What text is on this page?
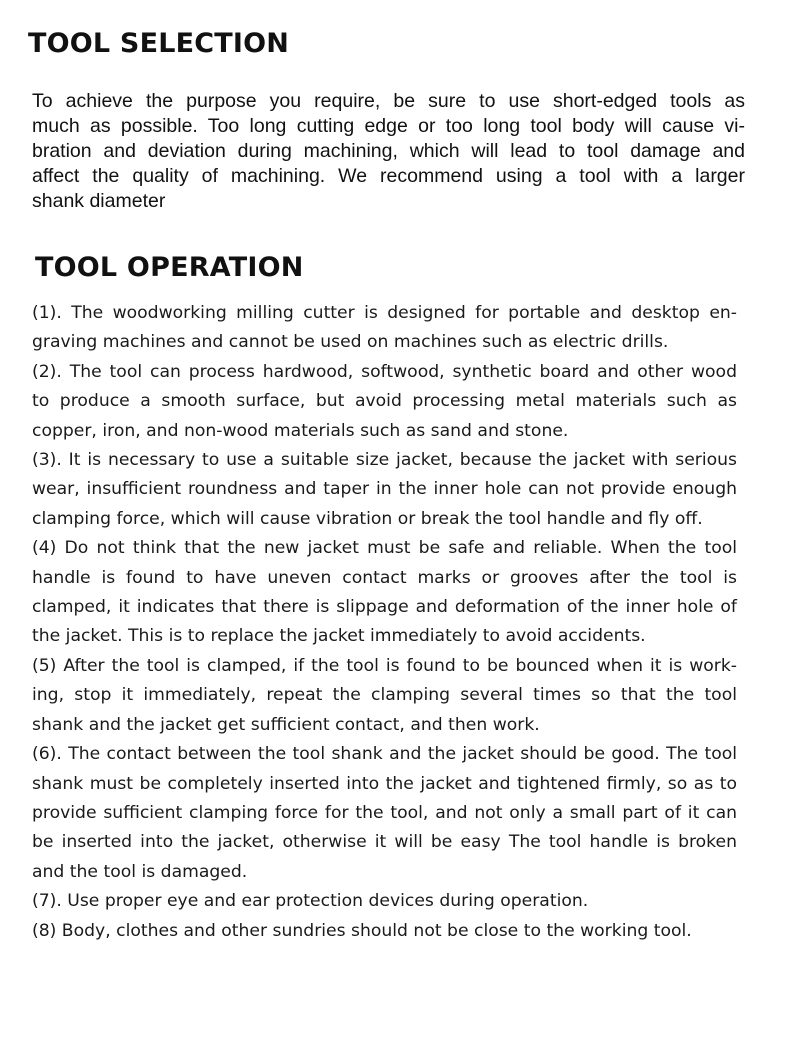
TOOL SELECTION

To achieve the purpose you require, be sure to use short-edged tools as
much as possible. Too long cutting edge or too long tool body will cause vi-
bration and deviation during machining, which will lead to tool damage and
affect the quality of machining. We recommend using a tool with a larger
shank diameter

TOOL OPERATION
(1). The woodworking milling cutter is designed for portable and desktop en-
graving machines and cannot be used on machines such as electric drills.
(2). The tool can process hardwood, softwood, synthetic board and other wood
to produce a smooth surface, but avoid processing metal materials such as
copper, iron, and non-wood materials such as sand and stone.
(3). It is necessary to use a suitable size jacket, because the jacket with serious
wear, insufficient roundness and taper in the inner hole can not provide enough
clamping force, which will cause vibration or break the tool handle and fly off.
(4) Do not think that the new jacket must be safe and reliable. When the tool
handle is found to have uneven contact marks or grooves after the tool is
clamped, it indicates that there is slippage and deformation of the inner hole of
the jacket. This is to replace the jacket immediately to avoid accidents.
(5) After the tool is clamped, if the tool is found to be bounced when it is work-
ing, stop it immediately, repeat the clamping several times so that the tool
shank and the jacket get sufficient contact, and then work.
(6). The contact between the tool shank and the jacket should be good. The tool
shank must be completely inserted into the jacket and tightened firmly, so as to
provide sufficient clamping force for the tool, and not only a small part of it can
be inserted into the jacket, otherwise it will be easy The tool handle is broken
and the tool is damaged.
(7). Use proper eye and ear protection devices during operation.
(8) Body, clothes and other sundries should not be close to the working tool.
